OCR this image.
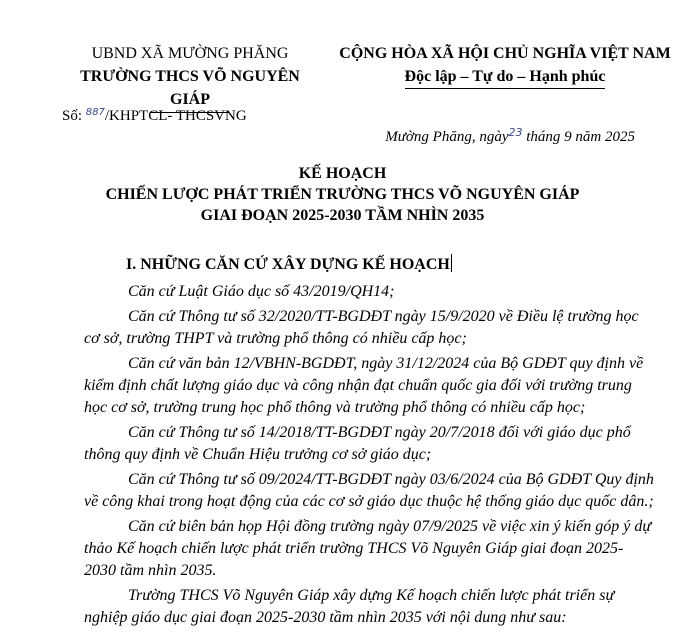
UBND XÃ MƯỜNG PHĂNG
TRƯỜNG THCS VÕ NGUYÊN GIÁP
CỘNG HÒA XÃ HỘI CHỦ NGHĨA VIỆT NAM
Độc lập – Tự do – Hạnh phúc
Số: $^{887}$/KHPTCL- THCSVNG
Mường Phăng, ngày$^{23}$ tháng 9 năm 2025
KẾ HOẠCH
CHIẾN LƯỢC PHÁT TRIỂN TRƯỜNG THCS VÕ NGUYÊN GIÁP
GIAI ĐOẠN 2025-2030 TẦM NHÌN 2035
I. NHỮNG CĂN CỨ XÂY DỰNG KẾ HOẠCH

Căn cứ Luật Giáo dục số 43/2019/QH14;

Căn cứ Thông tư số 32/2020/TT-BGDĐT ngày 15/9/2020 về Điều lệ trường học cơ sở, trường THPT và trường phổ thông có nhiều cấp học;

Căn cứ văn bản 12/VBHN-BGDĐT, ngày 31/12/2024 của Bộ GDĐT quy định về kiểm định chất lượng giáo dục và công nhận đạt chuẩn quốc gia đối với trường trung học cơ sở, trường trung học phổ thông và trường phổ thông có nhiều cấp học;

Căn cứ Thông tư số 14/2018/TT-BGDĐT ngày 20/7/2018 đối với giáo dục phổ thông quy định về Chuẩn Hiệu trưởng cơ sở giáo dục;

Căn cứ Thông tư số 09/2024/TT-BGDĐT ngày 03/6/2024 của Bộ GDĐT Quy định về công khai trong hoạt động của các cơ sở giáo dục thuộc hệ thống giáo dục quốc dân.;

Căn cứ biên bản họp Hội đồng trường ngày 07/9/2025 về việc xin ý kiến góp ý dự thảo Kế hoạch chiến lược phát triển trường THCS Võ Nguyên Giáp giai đoạn 2025-2030 tầm nhìn 2035.

Trường THCS Võ Nguyên Giáp xây dựng Kế hoạch chiến lược phát triển sự nghiệp giáo dục giai đoạn 2025-2030 tầm nhìn 2035 với nội dung như sau:
